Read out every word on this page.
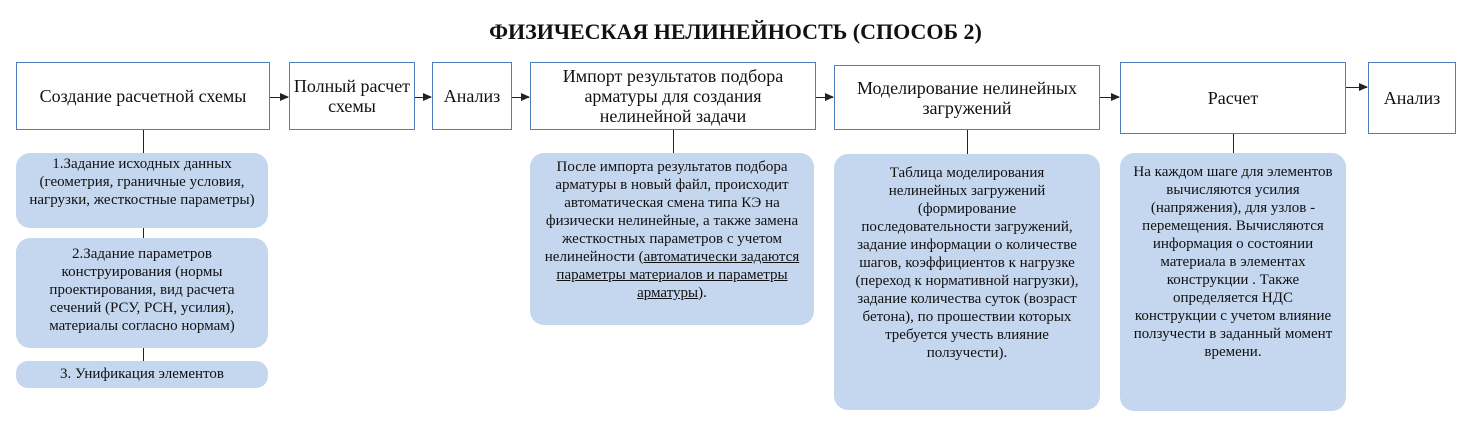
ФИЗИЧЕСКАЯ НЕЛИНЕЙНОСТЬ (СПОСОБ 2)
Создание расчетной схемы	Полный расчет схемы	Анализ
Импорт результатов подбора арматуры для создания нелинейной задачи
Моделирование нелинейных загружений	Расчет	Анализ
1.Задание исходных данных (геометрия, граничные условия, нагрузки, жесткостные параметры)
2.Задание параметров конструирования (нормы проектирования, вид расчета сечений (РСУ, РСН, усилия), материалы согласно нормам)
3. Унификация элементов
После импорта результатов подбора арматуры в новый файл, происходит автоматическая смена типа КЭ на физически нелинейные, а также замена жесткостных параметров с учетом нелинейности (автоматически задаются параметры материалов и параметры арматуры).
Таблица моделирования нелинейных загружений (формирование последовательности загружений, задание информации о количестве шагов, коэффициентов к нагрузке (переход к нормативной нагрузки), задание количества суток (возраст бетона), по прошествии которых требуется учесть влияние ползучести).
На каждом шаге для элементов вычисляются усилия (напряжения), для узлов - перемещения. Вычисляются информация о состоянии материала в элементах конструкции . Также определяется НДС конструкции с учетом влияние ползучести в заданный момент времени.
